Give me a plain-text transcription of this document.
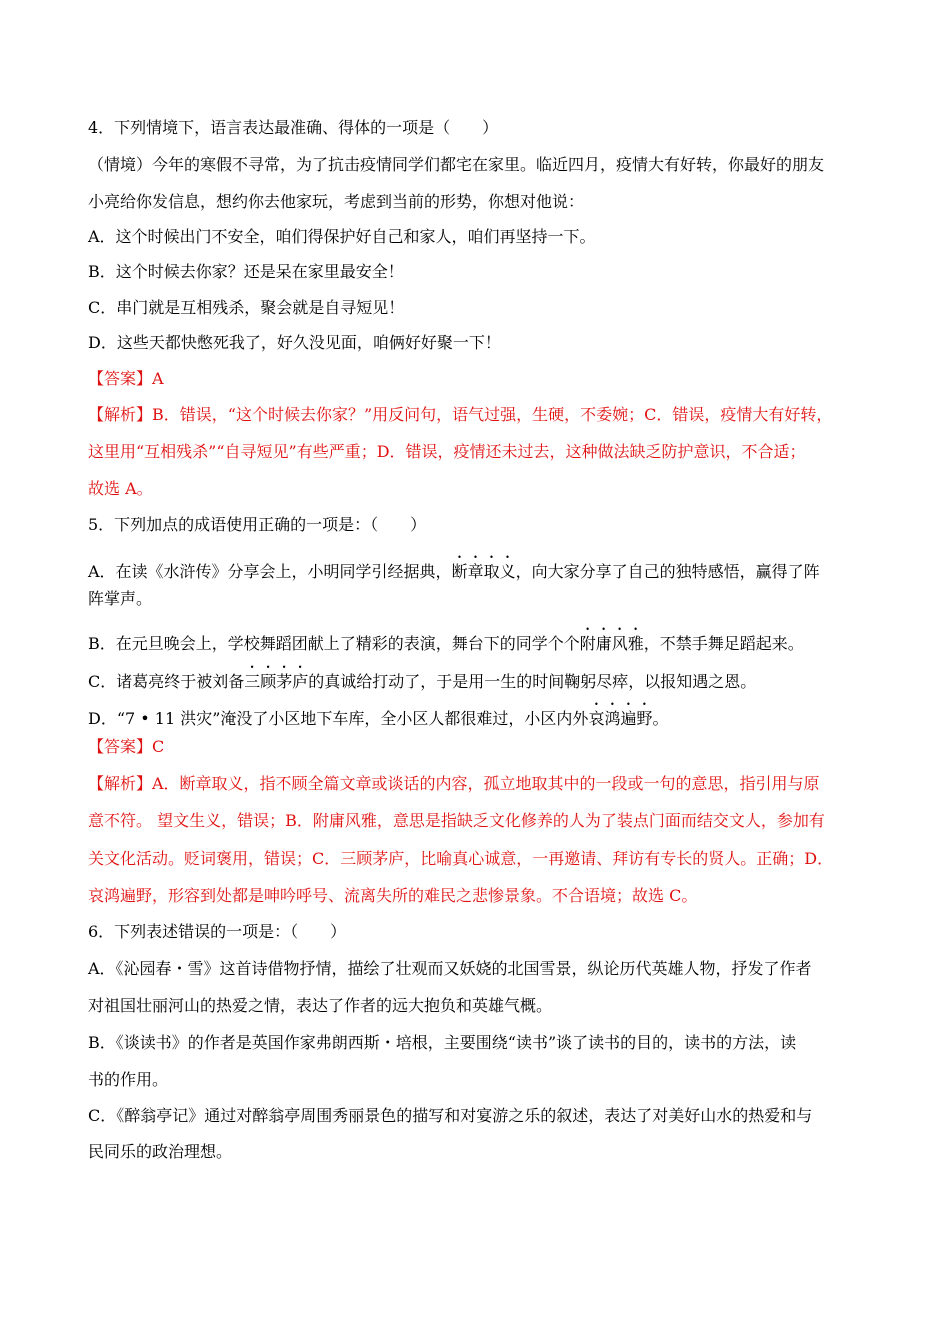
4．下列情境下，语言表达最准确、得体的一项是（　　）
（情境）今年的寒假不寻常，为了抗击疫情同学们都宅在家里。临近四月，疫情大有好转，你最好的朋友
小亮给你发信息，想约你去他家玩，考虑到当前的形势，你想对他说：
A．这个时候出门不安全，咱们得保护好自己和家人，咱们再坚持一下。
B．这个时候去你家？还是呆在家里最安全！
C．串门就是互相残杀，聚会就是自寻短见！
D．这些天都快憋死我了，好久没见面，咱俩好好聚一下！
【答案】A
【解析】B．错误，“这个时候去你家？”用反问句，语气过强，生硬，不委婉；C．错误，疫情大有好转，
这里用“互相残杀”“自寻短见”有些严重；D．错误，疫情还未过去，这种做法缺乏防护意识，不合适；
故选 A。
5．下列加点的成语使用正确的一项是：（　　）
A．在读《水浒传》分享会上，小明同学引经据典，断章取义，向大家分享了自己的独特感悟，赢得了阵
阵掌声。
B．在元旦晚会上，学校舞蹈团献上了精彩的表演，舞台下的同学个个附庸风雅，不禁手舞足蹈起来。
C．诸葛亮终于被刘备三顾茅庐的真诚给打动了，于是用一生的时间鞠躬尽瘁，以报知遇之恩。
D．“7 • 11 洪灾”淹没了小区地下车库，全小区人都很难过，小区内外哀鸿遍野。
【答案】C
【解析】A．断章取义，指不顾全篇文章或谈话的内容，孤立地取其中的一段或一句的意思，指引用与原
意不符。 望文生义，错误；B．附庸风雅，意思是指缺乏文化修养的人为了装点门面而结交文人，参加有
关文化活动。贬词褒用，错误；C．三顾茅庐，比喻真心诚意，一再邀请、拜访有专长的贤人。正确；D．
哀鸿遍野，形容到处都是呻吟呼号、流离失所的难民之悲惨景象。不合语境；故选 C。
6．下列表述错误的一项是：（　　）
A．《沁园春・雪》这首诗借物抒情，描绘了壮观而又妖娆的北国雪景，纵论历代英雄人物，抒发了作者
对祖国壮丽河山的热爱之情，表达了作者的远大抱负和英雄气概。
B．《谈读书》的作者是英国作家弗朗西斯・培根，主要围绕“读书”谈了读书的目的，读书的方法，读
书的作用。
C．《醉翁亭记》通过对醉翁亭周围秀丽景色的描写和对宴游之乐的叙述，表达了对美好山水的热爱和与
民同乐的政治理想。
